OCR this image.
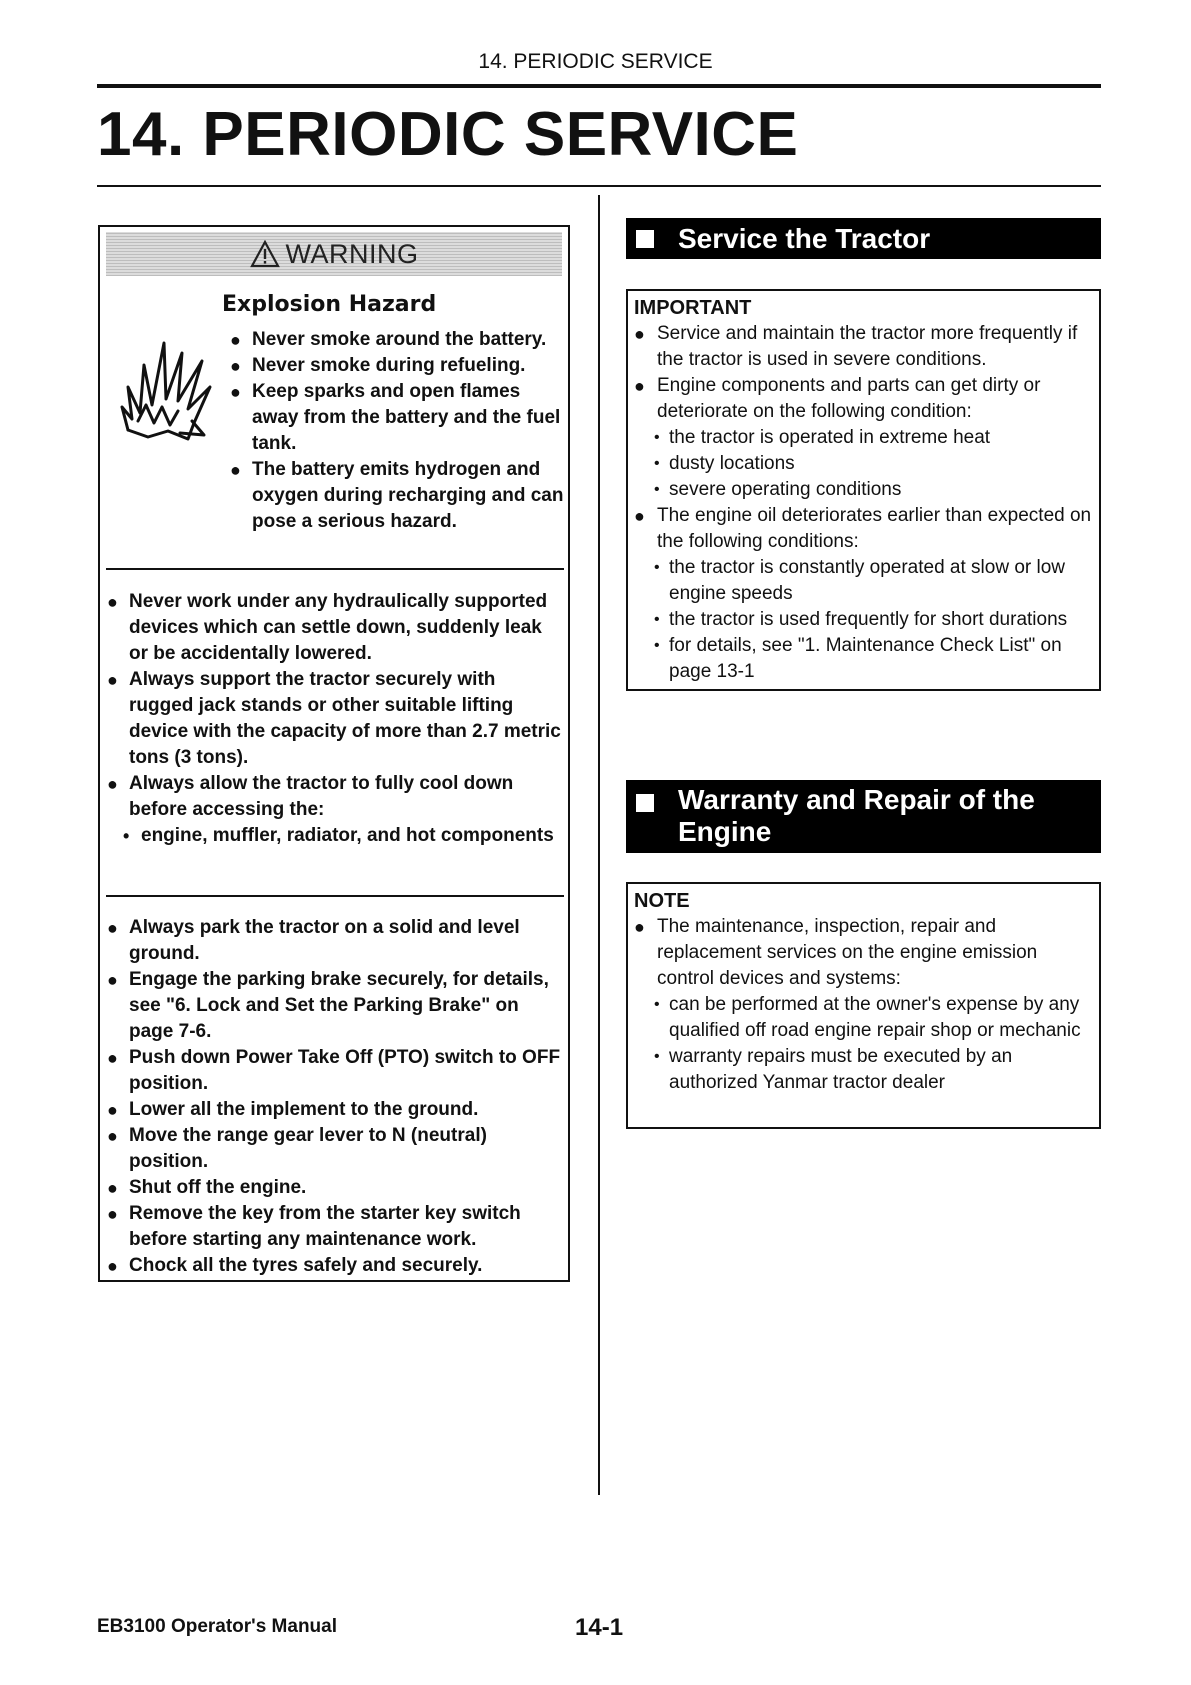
14. PERIODIC SERVICE
14. PERIODIC SERVICE
WARNING
Explosion Hazard
● Never smoke around the battery.
● Never smoke during refueling.
● Keep sparks and open flames away from the battery and the fuel tank.
● The battery emits hydrogen and oxygen during recharging and can pose a serious hazard.
● Never work under any hydraulically supported devices which can settle down, suddenly leak or be accidentally lowered.
● Always support the tractor securely with rugged jack stands or other suitable lifting device with the capacity of more than 2.7 metric tons (3 tons).
● Always allow the tractor to fully cool down before accessing the:
• engine, muffler, radiator, and hot components
● Always park the tractor on a solid and level ground.
● Engage the parking brake securely, for details, see "6. Lock and Set the Parking Brake" on page 7-6.
● Push down Power Take Off (PTO) switch to OFF position.
● Lower all the implement to the ground.
● Move the range gear lever to N (neutral) position.
● Shut off the engine.
● Remove the key from the starter key switch before starting any maintenance work.
● Chock all the tyres safely and securely.
Service the Tractor
IMPORTANT
● Service and maintain the tractor more frequently if the tractor is used in severe conditions.
● Engine components and parts can get dirty or deteriorate on the following condition:
• the tractor is operated in extreme heat
• dusty locations
• severe operating conditions
● The engine oil deteriorates earlier than expected on the following conditions:
• the tractor is constantly operated at slow or low engine speeds
• the tractor is used frequently for short durations
• for details, see "1. Maintenance Check List" on page 13-1
Warranty and Repair of the
Engine
NOTE
● The maintenance, inspection, repair and replacement services on the engine emission control devices and systems:
• can be performed at the owner's expense by any qualified off road engine repair shop or mechanic
• warranty repairs must be executed by an authorized Yanmar tractor dealer
EB3100 Operator's Manual	14-1
